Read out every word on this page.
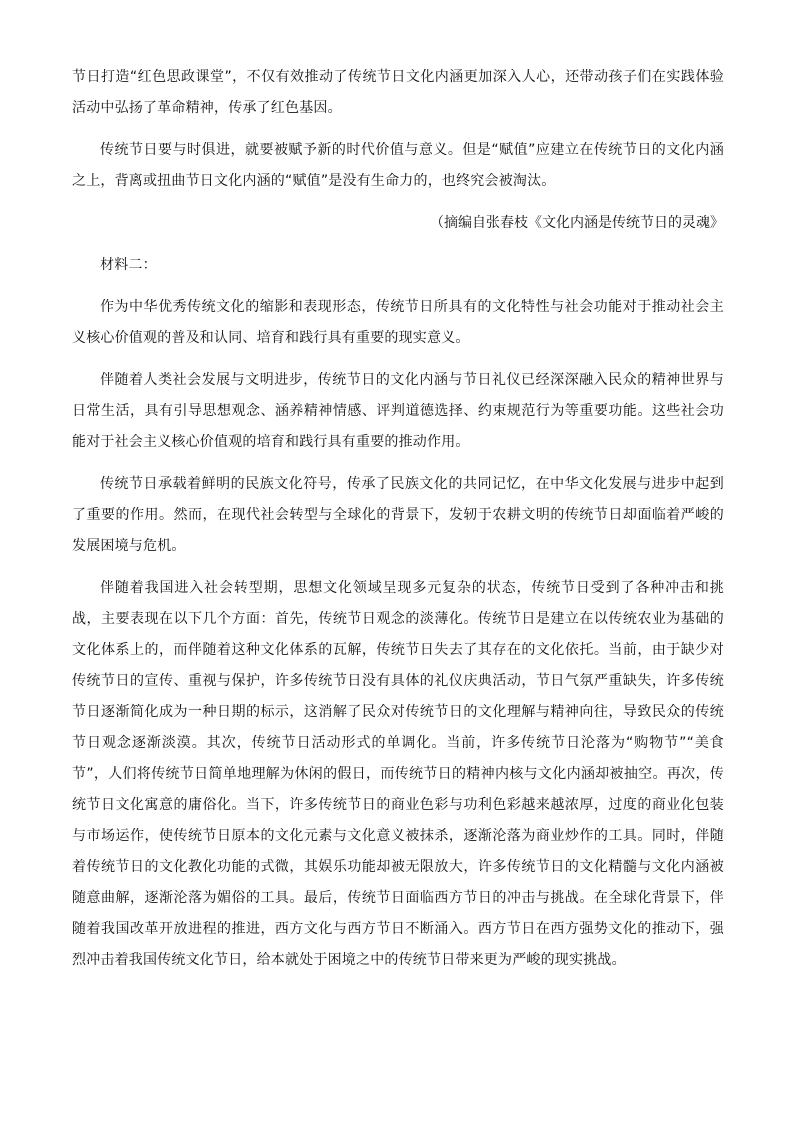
节日打造“红色思政课堂”，不仅有效推动了传统节日文化内涵更加深入人心，还带动孩子们在实践体验活动中弘扬了革命精神，传承了红色基因。

传统节日要与时俱进，就要被赋予新的时代价值与意义。但是“赋值”应建立在传统节日的文化内涵之上，背离或扭曲节日文化内涵的“赋值”是没有生命力的，也终究会被淘汰。

（摘编自张春枝《文化内涵是传统节日的灵魂》

材料二：

作为中华优秀传统文化的缩影和表现形态，传统节日所具有的文化特性与社会功能对于推动社会主义核心价值观的普及和认同、培育和践行具有重要的现实意义。

伴随着人类社会发展与文明进步，传统节日的文化内涵与节日礼仪已经深深融入民众的精神世界与日常生活，具有引导思想观念、涵养精神情感、评判道德选择、约束规范行为等重要功能。这些社会功能对于社会主义核心价值观的培育和践行具有重要的推动作用。

传统节日承载着鲜明的民族文化符号，传承了民族文化的共同记忆，在中华文化发展与进步中起到了重要的作用。然而，在现代社会转型与全球化的背景下，发轫于农耕文明的传统节日却面临着严峻的发展困境与危机。

伴随着我国进入社会转型期，思想文化领域呈现多元复杂的状态，传统节日受到了各种冲击和挑战，主要表现在以下几个方面：首先，传统节日观念的淡薄化。传统节日是建立在以传统农业为基础的文化体系上的，而伴随着这种文化体系的瓦解，传统节日失去了其存在的文化依托。当前，由于缺少对传统节日的宣传、重视与保护，许多传统节日没有具体的礼仪庆典活动，节日气氛严重缺失，许多传统节日逐渐简化成为一种日期的标示，这消解了民众对传统节日的文化理解与精神向往，导致民众的传统节日观念逐渐淡漠。其次，传统节日活动形式的单调化。当前，许多传统节日沦落为“购物节”“美食节”，人们将传统节日简单地理解为休闲的假日，而传统节日的精神内核与文化内涵却被抽空。再次，传统节日文化寓意的庸俗化。当下，许多传统节日的商业色彩与功利色彩越来越浓厚，过度的商业化包装与市场运作，使传统节日原本的文化元素与文化意义被抹杀，逐渐沦落为商业炒作的工具。同时，伴随着传统节日的文化教化功能的式微，其娱乐功能却被无限放大，许多传统节日的文化精髓与文化内涵被随意曲解，逐渐沦落为媚俗的工具。最后，传统节日面临西方节日的冲击与挑战。在全球化背景下，伴随着我国改革开放进程的推进，西方文化与西方节日不断涌入。西方节日在西方强势文化的推动下，强烈冲击着我国传统文化节日，给本就处于困境之中的传统节日带来更为严峻的现实挑战。
